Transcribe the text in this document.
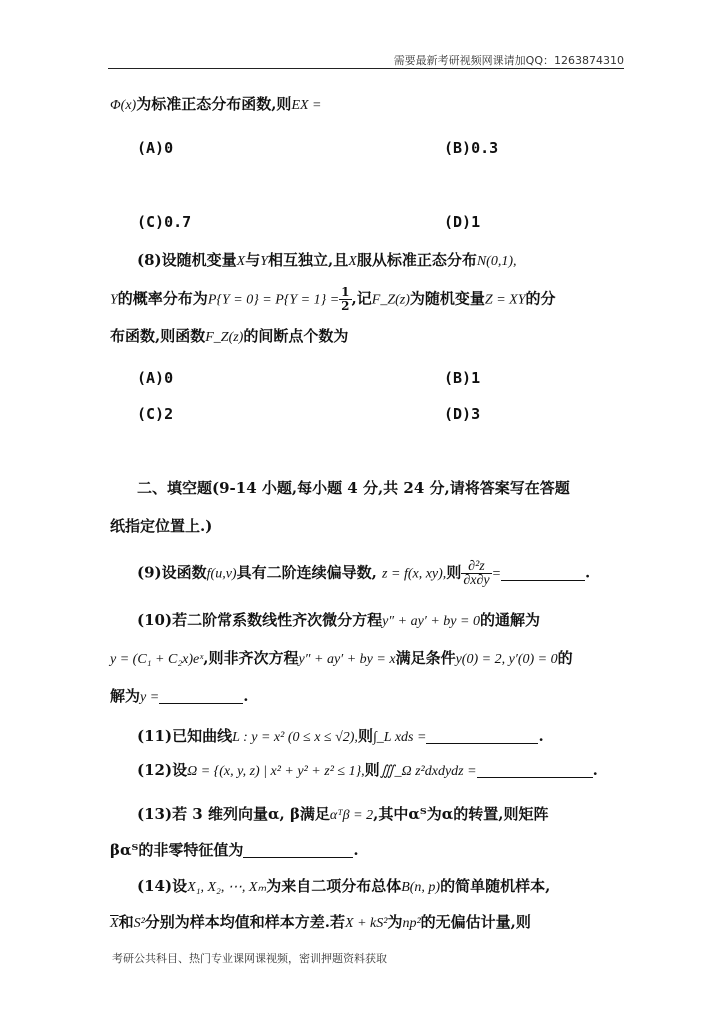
需要最新考研视频网课请加QQ：1263874310
Φ(x)为标准正态分布函数,则EX =
(A)0	(B)0.3
(C)0.7	(D)1
(8)设随机变量X与Y相互独立,且X服从标准正态分布N(0,1),
Y的概率分布为$P\{Y = 0\} = P\{Y = 1\} = \frac{1}{2}$ ,记F_Z(z)为随机变量Z = XY的分
布函数,则函数F_Z(z)的间断点个数为
(A)0	(B)1
(C)2	(D)3
二、填空题(9-14 小题,每小题 4 分,共 24 分,请将答案写在答题
纸指定位置上.)
(9)设函数f(u,v)具有二阶连续偏导数, z = f(x, xy),则 $\frac{\text{∂²z}}{\partial x\partial y}$ =	.
(10)若二阶常系数线性齐次微分方程y″ + ay′ + by = 0的通解为
y = (C₁ + C₂x)eˣ,则非齐次方程y″ + ay′ + by = x满足条件y(0) = 2, y′(0) = 0的
解为y =	.
(11)已知曲线L : y = x² (0 ≤ x ≤ √2),则∫_L xds =	.
(12)设Ω = {(x, y, z) | x² + y² + z² ≤ 1},则∭_Ω z²dxdydz =	.
(13)若 3 维列向量α, β满足αᵀβ = 2,其中αᵀ为α的转置,则矩阵
βαᵀ的非零特征值为	.
(14)设X₁, X₂, ⋯, Xₘ为来自二项分布总体B(n, p)的简单随机样本,
$\overline{X}$和S²分别为样本均值和样本方差.若X + kS²为np²的无偏估计量,则
考研公共科目、热门专业课网课视频，密训押题资料获取
